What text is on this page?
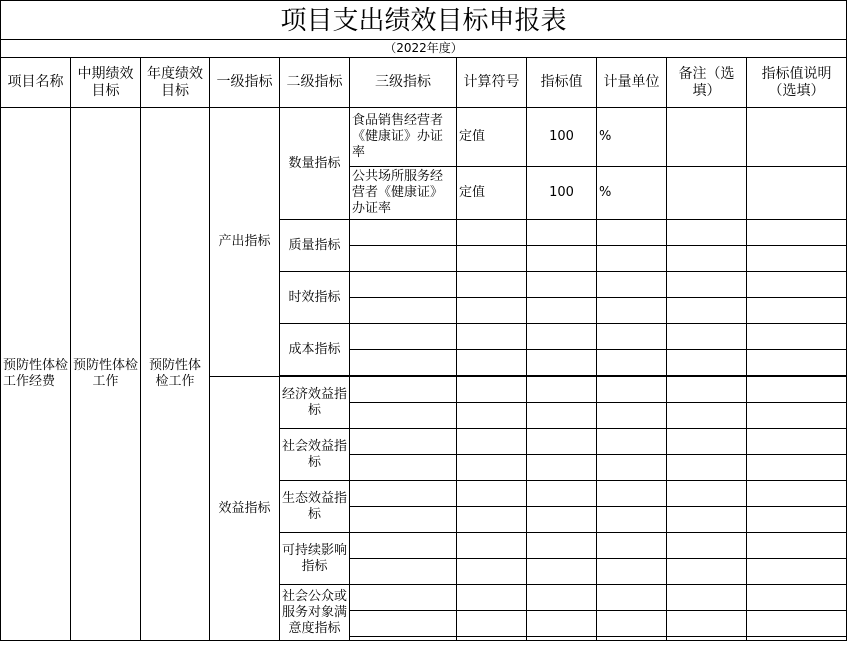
项目支出绩效目标申报表
（2022年度）
项目名称	中期绩效目标	年度绩效目标	一级指标	二级指标	三级指标	计算符号	指标值	计量单位	备注（选填）	指标值说明（选填）
预防性体检工作经费	预防性体检工作	预防性体检工作	产出指标	数量指标	食品销售经营者《健康证》办证率	定值	100	%		
					公共场所服务经营者《健康证》办证率	定值	100	%		
				质量指标						

				时效指标						

				成本指标						

			效益指标	经济效益指标						

				社会效益指标						

				生态效益指标						

				可持续影响指标						

				社会公众或服务对象满意度指标						
